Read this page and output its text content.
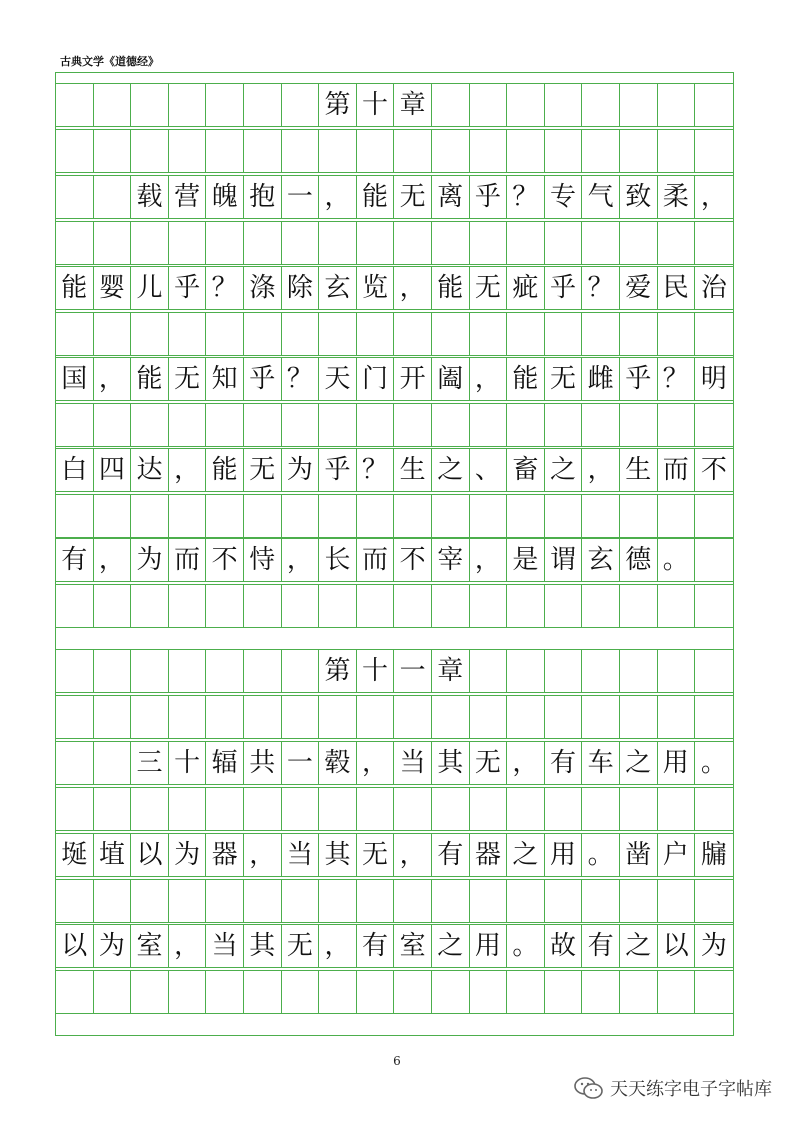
古典文学《道德经》
第 十 章
载 营 魄 抱 一 ， 能 无 离 乎 ？ 专 气 致 柔 ，
能 婴 儿 乎 ？ 涤 除 玄 览 ， 能 无 疵 乎 ？ 爱 民 治
国 ， 能 无 知 乎 ？ 天 门 开 阖 ， 能 无 雌 乎 ？ 明
白 四 达 ， 能 无 为 乎 ？ 生 之 、 畜 之 ， 生 而 不
有 ， 为 而 不 恃 ， 长 而 不 宰 ， 是 谓 玄 德 。
第 十 一 章
三 十 辐 共 一 毂 ， 当 其 无 ， 有 车 之 用 。
埏 埴 以 为 器 ， 当 其 无 ， 有 器 之 用 。 凿 户 牖
以 为 室 ， 当 其 无 ， 有 室 之 用 。 故 有 之 以 为
6
天天练字电子字帖库
